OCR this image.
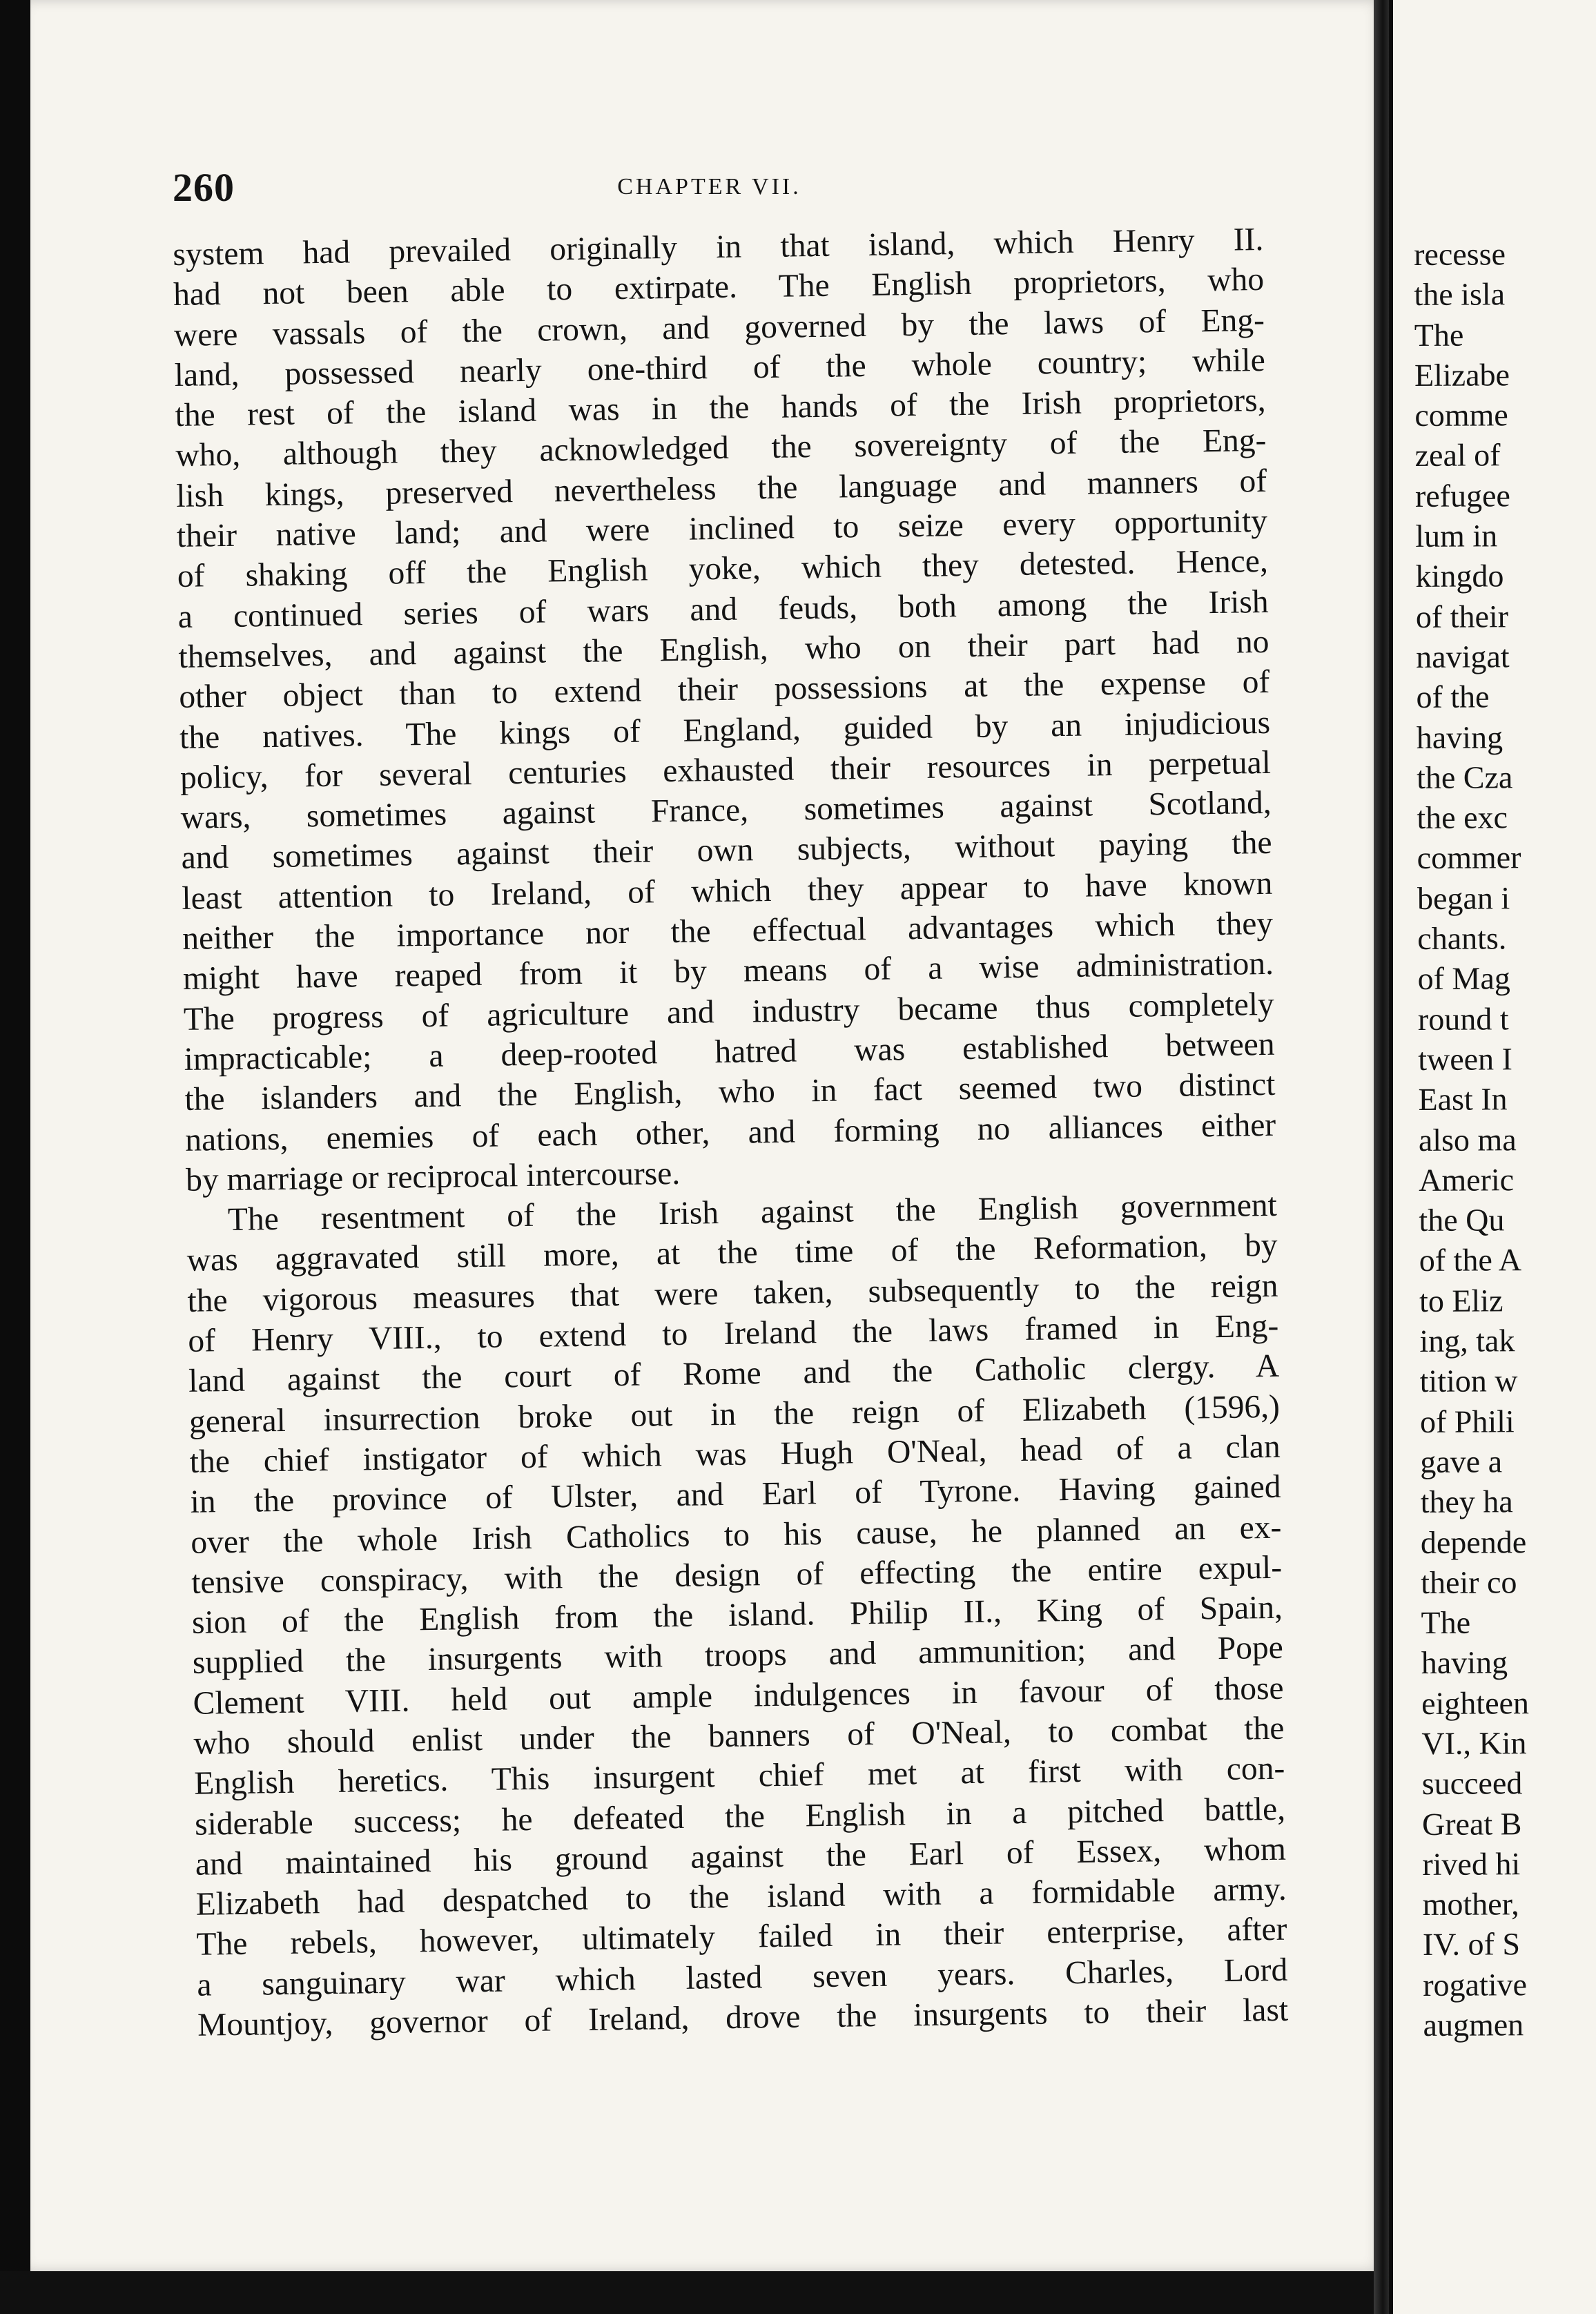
recesse
the isla
The
Elizabe
comme
zeal of
refugee
lum in
kingdo
of their
navigat
of the
having
the Cza
the exc
commer
began i
chants.
of Mag
round t
tween I
East In
also ma
Americ
the Qu
of the A
to Eliz
ing, tak
tition w
of Phili
gave a
they ha
depende
their co
The
having
eighteen
VI., Kin
succeed
Great B
rived hi
mother,
IV. of S
rogative
augmen
260	CHAPTER VII.
system had prevailed originally in that island, which Henry II.
had not been able to extirpate. The English proprietors, who
were vassals of the crown, and governed by the laws of Eng-
land, possessed nearly one-third of the whole country; while
the rest of the island was in the hands of the Irish proprietors,
who, although they acknowledged the sovereignty of the Eng-
lish kings, preserved nevertheless the language and manners of
their native land; and were inclined to seize every opportunity
of shaking off the English yoke, which they detested. Hence,
a continued series of wars and feuds, both among the Irish
themselves, and against the English, who on their part had no
other object than to extend their possessions at the expense of
the natives. The kings of England, guided by an injudicious
policy, for several centuries exhausted their resources in perpetual
wars, sometimes against France, sometimes against Scotland,
and sometimes against their own subjects, without paying the
least attention to Ireland, of which they appear to have known
neither the importance nor the effectual advantages which they
might have reaped from it by means of a wise administration.
The progress of agriculture and industry became thus completely
impracticable; a deep-rooted hatred was established between
the islanders and the English, who in fact seemed two distinct
nations, enemies of each other, and forming no alliances either
by marriage or reciprocal intercourse.
The resentment of the Irish against the English government
was aggravated still more, at the time of the Reformation, by
the vigorous measures that were taken, subsequently to the reign
of Henry VIII., to extend to Ireland the laws framed in Eng-
land against the court of Rome and the Catholic clergy. A
general insurrection broke out in the reign of Elizabeth (1596,)
the chief instigator of which was Hugh O'Neal, head of a clan
in the province of Ulster, and Earl of Tyrone. Having gained
over the whole Irish Catholics to his cause, he planned an ex-
tensive conspiracy, with the design of effecting the entire expul-
sion of the English from the island. Philip II., King of Spain,
supplied the insurgents with troops and ammunition; and Pope
Clement VIII. held out ample indulgences in favour of those
who should enlist under the banners of O'Neal, to combat the
English heretics. This insurgent chief met at first with con-
siderable success; he defeated the English in a pitched battle,
and maintained his ground against the Earl of Essex, whom
Elizabeth had despatched to the island with a formidable army.
The rebels, however, ultimately failed in their enterprise, after
a sanguinary war which lasted seven years. Charles, Lord
Mountjoy, governor of Ireland, drove the insurgents to their last
